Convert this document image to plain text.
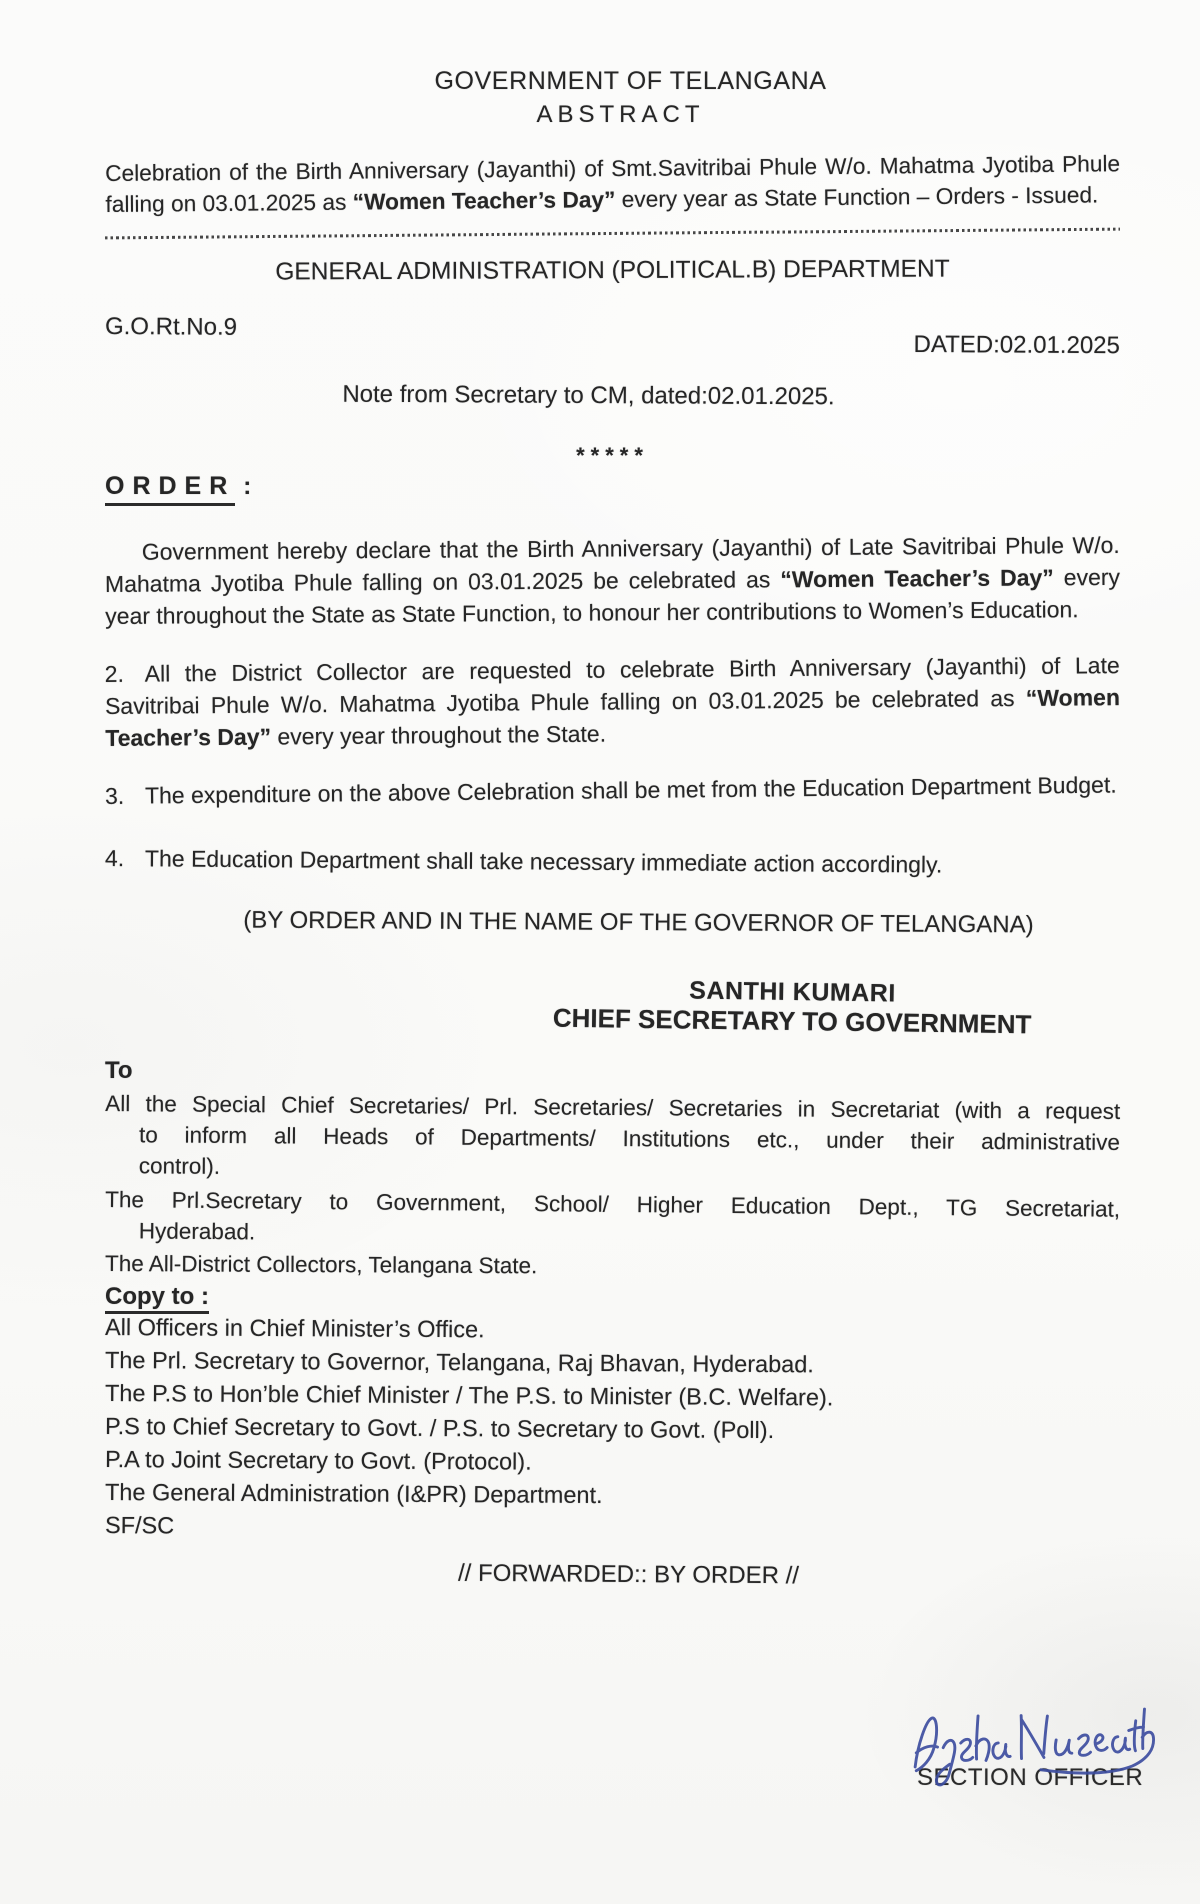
GOVERNMENT OF TELANGANA
ABSTRACT

Celebration of the Birth Anniversary (Jayanthi) of Smt.Savitribai Phule W/o. Mahatma Jyotiba Phule falling on 03.01.2025 as “Women Teacher’s Day” every year as State Function – Orders - Issued.

GENERAL ADMINISTRATION (POLITICAL.B) DEPARTMENT
G.O.Rt.No.9
DATED:02.01.2025
Note from Secretary to CM, dated:02.01.2025.
*****
ORDER :

Government hereby declare that the Birth Anniversary (Jayanthi) of Late Savitribai Phule W/o. Mahatma Jyotiba Phule falling on 03.01.2025 be celebrated as “Women Teacher’s Day” every year throughout the State as State Function, to honour her contributions to Women’s Education.

2. All the District Collector are requested to celebrate Birth Anniversary (Jayanthi) of Late Savitribai Phule W/o. Mahatma Jyotiba Phule falling on 03.01.2025 be celebrated as “Women Teacher’s Day” every year throughout the State.

3. The expenditure on the above Celebration shall be met from the Education Department Budget.

4. The Education Department shall take necessary immediate action accordingly.

(BY ORDER AND IN THE NAME OF THE GOVERNOR OF TELANGANA)
SANTHI KUMARI
CHIEF SECRETARY TO GOVERNMENT
To
All the Special Chief Secretaries/ Prl. Secretaries/ Secretaries in Secretariat (with a request
to inform all Heads of Departments/ Institutions etc., under their administrative
control).
The Prl.Secretary to Government, School/ Higher Education Dept., TG Secretariat,
Hyderabad.
The All-District Collectors, Telangana State.
Copy to :
All Officers in Chief Minister’s Office.
The Prl. Secretary to Governor, Telangana, Raj Bhavan, Hyderabad.
The P.S to Hon’ble Chief Minister / The P.S. to Minister (B.C. Welfare).
P.S to Chief Secretary to Govt. / P.S. to Secretary to Govt. (Poll).
P.A to Joint Secretary to Govt. (Protocol).
The General Administration (I&PR) Department.
SF/SC
// FORWARDED:: BY ORDER //
SECTION OFFICER
